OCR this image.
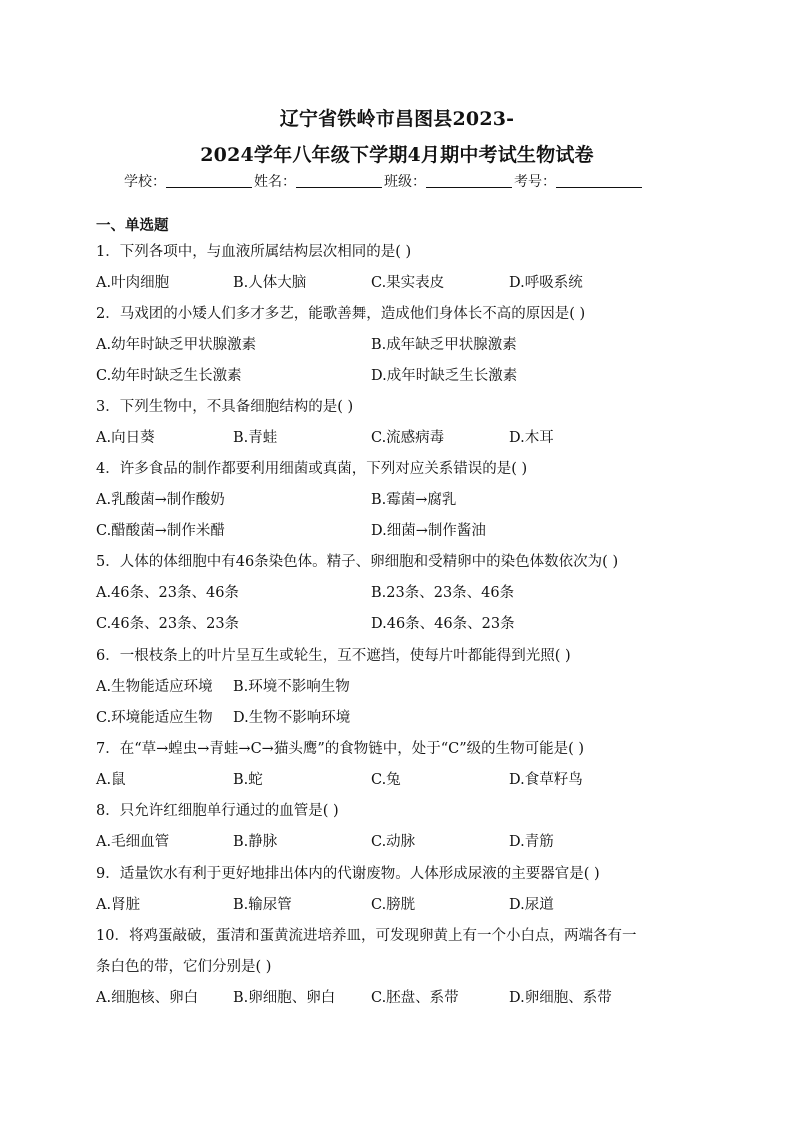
辽宁省铁岭市昌图县2023-
2024学年八年级下学期4月期中考试生物试卷
学校：	姓名：	班级：	考号：
一、单选题
1．下列各项中，与血液所属结构层次相同的是( )
A.叶肉细胞	B.人体大脑	C.果实表皮	D.呼吸系统
2．马戏团的小矮人们多才多艺，能歌善舞，造成他们身体长不高的原因是( )
A.幼年时缺乏甲状腺激素	B.成年缺乏甲状腺激素
C.幼年时缺乏生长激素	D.成年时缺乏生长激素
3．下列生物中，不具备细胞结构的是( )
A.向日葵	B.青蛙	C.流感病毒	D.木耳
4．许多食品的制作都要利用细菌或真菌，下列对应关系错误的是( )
A.乳酸菌→制作酸奶	B.霉菌→腐乳
C.醋酸菌→制作米醋	D.细菌→制作酱油
5．人体的体细胞中有46条染色体。精子、卵细胞和受精卵中的染色体数依次为( )
A.46条、23条、46条	B.23条、23条、46条
C.46条、23条、23条	D.46条、46条、23条
6．一根枝条上的叶片呈互生或轮生，互不遮挡，使每片叶都能得到光照( )
A.生物能适应环境 B.环境不影响生物
C.环境能适应生物 D.生物不影响环境
7．在“草→蝗虫→青蛙→C→猫头鹰”的食物链中，处于“C”级的生物可能是( )
A.鼠	B.蛇	C.兔	D.食草籽鸟
8．只允许红细胞单行通过的血管是( )
A.毛细血管	B.静脉	C.动脉	D.青筋
9．适量饮水有利于更好地排出体内的代谢废物。人体形成尿液的主要器官是( )
A.肾脏	B.输尿管	C.膀胱	D.尿道
10．将鸡蛋敲破，蛋清和蛋黄流进培养皿，可发现卵黄上有一个小白点，两端各有一
条白色的带，它们分别是( )
A.细胞核、卵白 B.卵细胞、卵白 C.胚盘、系带	D.卵细胞、系带
